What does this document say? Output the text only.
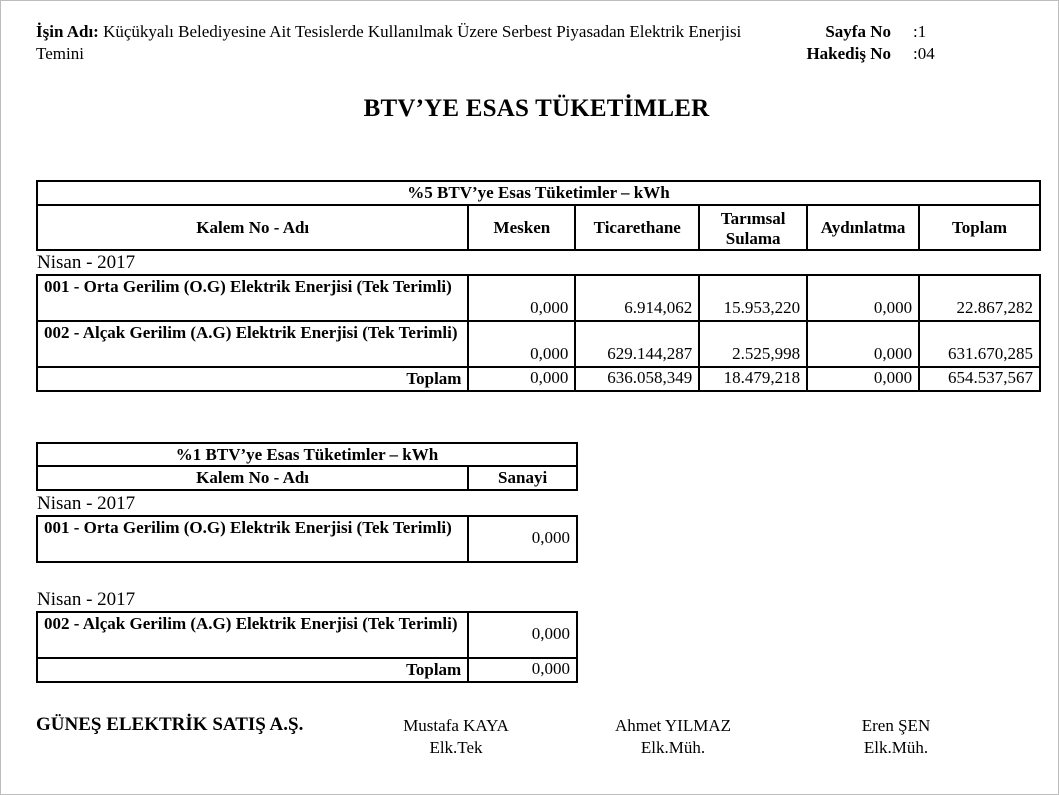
İşin Adı: Küçükyalı Belediyesine Ait Tesislerde Kullanılmak Üzere Serbest Piyasadan Elektrik Enerjisi Temini
Sayfa No :1
Hakediş No :04
BTV’YE ESAS TÜKETİMLER
%5 BTV’ye Esas Tüketimler – kWh					
Kalem No - Adı	Mesken	Ticarethane	Tarımsal Sulama	Aydınlatma	Toplam
Nisan - 2017					
001 - Orta Gerilim (O.G) Elektrik Enerjisi (Tek Terimli)	0,000	6.914,062	15.953,220	0,000	22.867,282
002 - Alçak Gerilim (A.G) Elektrik Enerjisi (Tek Terimli)	0,000	629.144,287	2.525,998	0,000	631.670,285
Toplam	0,000	636.058,349	18.479,218	0,000	654.537,567
%1 BTV’ye Esas Tüketimler – kWh	
Kalem No - Adı	Sanayi
Nisan - 2017	
001 - Orta Gerilim (O.G) Elektrik Enerjisi (Tek Terimli)	0,000
Nisan - 2017	
002 - Alçak Gerilim (A.G) Elektrik Enerjisi (Tek Terimli)	0,000
Toplam	0,000
GÜNEŞ ELEKTRİK SATIŞ A.Ş.	Mustafa KAYA
Elk.Tek
Ahmet YILMAZ
Elk.Müh.
Eren ŞEN
Elk.Müh.
